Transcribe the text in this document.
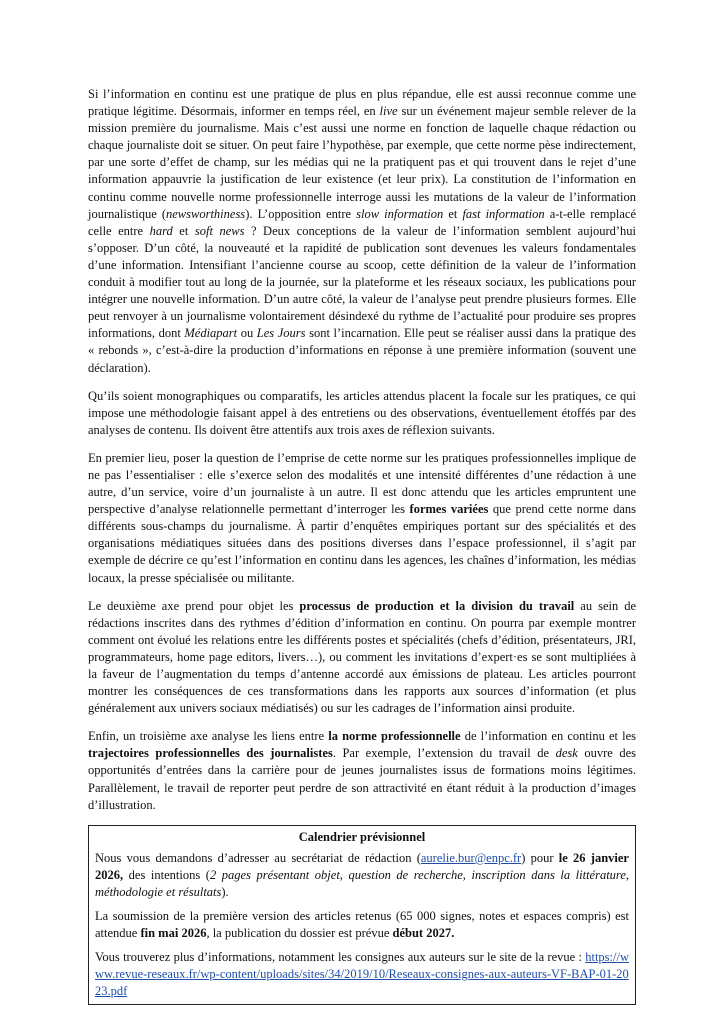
Si l’information en continu est une pratique de plus en plus répandue, elle est aussi reconnue comme une pratique légitime. Désormais, informer en temps réel, en live sur un événement majeur semble relever de la mission première du journalisme. Mais c’est aussi une norme en fonction de laquelle chaque rédaction ou chaque journaliste doit se situer. On peut faire l’hypothèse, par exemple, que cette norme pèse indirectement, par une sorte d’effet de champ, sur les médias qui ne la pratiquent pas et qui trouvent dans le rejet d’une information appauvrie la justification de leur existence (et leur prix). La constitution de l’information en continu comme nouvelle norme professionnelle interroge aussi les mutations de la valeur de l’information journalistique (newsworthiness). L’opposition entre slow information et fast information a-t-elle remplacé celle entre hard et soft news ? Deux conceptions de la valeur de l’information semblent aujourd’hui s’opposer. D’un côté, la nouveauté et la rapidité de publication sont devenues les valeurs fondamentales d’une information. Intensifiant l’ancienne course au scoop, cette définition de la valeur de l’information conduit à modifier tout au long de la journée, sur la plateforme et les réseaux sociaux, les publications pour intégrer une nouvelle information. D’un autre côté, la valeur de l’analyse peut prendre plusieurs formes. Elle peut renvoyer à un journalisme volontairement désindexé du rythme de l’actualité pour produire ses propres informations, dont Médiapart ou Les Jours sont l’incarnation. Elle peut se réaliser aussi dans la pratique des « rebonds », c’est-à-dire la production d’informations en réponse à une première information (souvent une déclaration).

Qu’ils soient monographiques ou comparatifs, les articles attendus placent la focale sur les pratiques, ce qui impose une méthodologie faisant appel à des entretiens ou des observations, éventuellement étoffés par des analyses de contenu. Ils doivent être attentifs aux trois axes de réflexion suivants.

En premier lieu, poser la question de l’emprise de cette norme sur les pratiques professionnelles implique de ne pas l’essentialiser : elle s’exerce selon des modalités et une intensité différentes d’une rédaction à une autre, d’un service, voire d’un journaliste à un autre. Il est donc attendu que les articles empruntent une perspective d’analyse relationnelle permettant d’interroger les formes variées que prend cette norme dans différents sous-champs du journalisme. À partir d’enquêtes empiriques portant sur des spécialités et des organisations médiatiques situées dans des positions diverses dans l’espace professionnel, il s’agit par exemple de décrire ce qu’est l’information en continu dans les agences, les chaînes d’information, les médias locaux, la presse spécialisée ou militante.

Le deuxième axe prend pour objet les processus de production et la division du travail au sein de rédactions inscrites dans des rythmes d’édition d’information en continu. On pourra par exemple montrer comment ont évolué les relations entre les différents postes et spécialités (chefs d’édition, présentateurs, JRI, programmateurs, home page editors, livers…), ou comment les invitations d’expert·es se sont multipliées à la faveur de l’augmentation du temps d’antenne accordé aux émissions de plateau. Les articles pourront montrer les conséquences de ces transformations dans les rapports aux sources d’information (et plus généralement aux univers sociaux médiatisés) ou sur les cadrages de l’information ainsi produite.

Enfin, un troisième axe analyse les liens entre la norme professionnelle de l’information en continu et les trajectoires professionnelles des journalistes. Par exemple, l’extension du travail de desk ouvre des opportunités d’entrées dans la carrière pour de jeunes journalistes issus de formations moins légitimes. Parallèlement, le travail de reporter peut perdre de son attractivité en étant réduit à la production d’images d’illustration.

Calendrier prévisionnel

Nous vous demandons d’adresser au secrétariat de rédaction (aurelie.bur@enpc.fr) pour le 26 janvier 2026, des intentions (2 pages présentant objet, question de recherche, inscription dans la littérature, méthodologie et résultats).

La soumission de la première version des articles retenus (65 000 signes, notes et espaces compris) est attendue fin mai 2026, la publication du dossier est prévue début 2027.

Vous trouverez plus d’informations, notamment les consignes aux auteurs sur le site de la revue : https://www.revue-reseaux.fr/wp-content/uploads/sites/34/2019/10/Reseaux-consignes-aux-auteurs-VF-BAP-01-2023.pdf
